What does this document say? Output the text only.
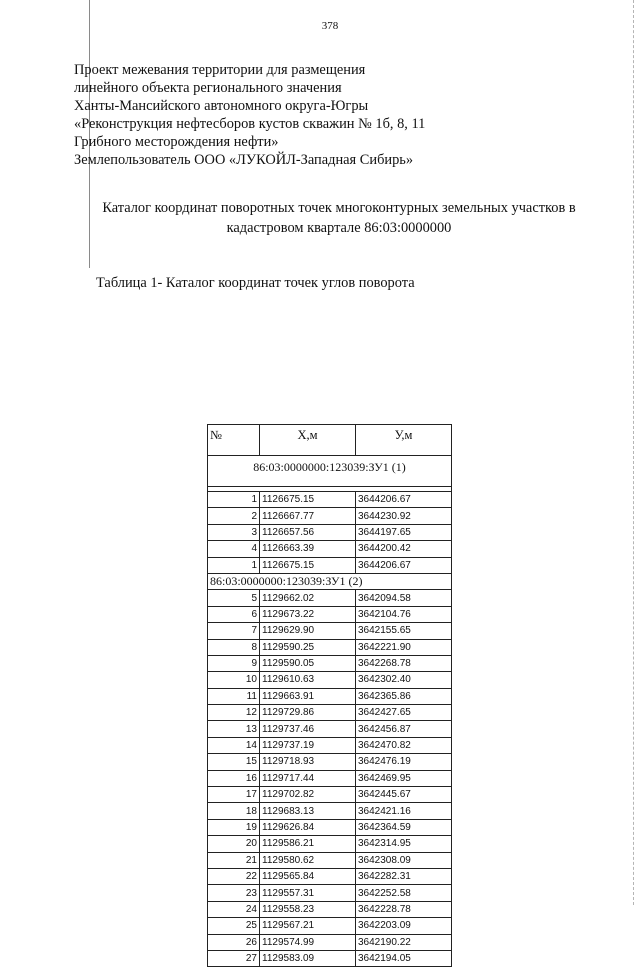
378
Проект межевания территории для размещения
линейного объекта регионального значения
Ханты-Мансийского автономного округа-Югры
«Реконструкция нефтесборов кустов скважин № 1б, 8, 11
Грибного месторождения нефти»
Землепользователь ООО «ЛУКОЙЛ-Западная Сибирь»
Каталог координат поворотных точек многоконтурных земельных участков в
кадастровом квартале 86:03:0000000
Таблица 1- Каталог координат точек углов поворота
№	Х,м	У,м
86:03:0000000:123039:ЗУ1 (1)		

1	1126675.15	3644206.67
2	1126667.77	3644230.92
3	1126657.56	3644197.65
4	1126663.39	3644200.42
1	1126675.15	3644206.67
86:03:0000000:123039:ЗУ1 (2)		
5	1129662.02	3642094.58
6	1129673.22	3642104.76
7	1129629.90	3642155.65
8	1129590.25	3642221.90
9	1129590.05	3642268.78
10	1129610.63	3642302.40
11	1129663.91	3642365.86
12	1129729.86	3642427.65
13	1129737.46	3642456.87
14	1129737.19	3642470.82
15	1129718.93	3642476.19
16	1129717.44	3642469.95
17	1129702.82	3642445.67
18	1129683.13	3642421.16
19	1129626.84	3642364.59
20	1129586.21	3642314.95
21	1129580.62	3642308.09
22	1129565.84	3642282.31
23	1129557.31	3642252.58
24	1129558.23	3642228.78
25	1129567.21	3642203.09
26	1129574.99	3642190.22
27	1129583.09	3642194.05
